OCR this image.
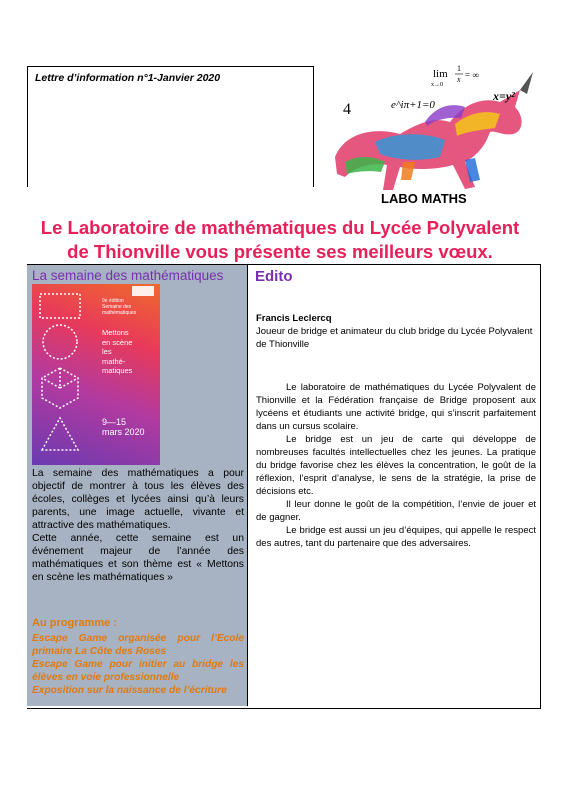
Lettre d’information n°1-Janvier 2020	lim 1
x
x→0
= ∞
e^iπ+1=0
x=y²
4
LABO MATHS
Le Laboratoire de mathématiques du Lycée Polyvalent
de Thionville vous présente ses meilleurs vœux.
La semaine des mathématiques
9e édition
Semaine des
mathématiques
Mettons
en scène
les
mathé-
matiques
9—15
mars 2020

La semaine des mathématiques a pour objectif de montrer à tous les élèves des écoles, collèges et lycées ainsi qu’à leurs parents, une image actuelle, vivante et attractive des mathématiques.

Cette année, cette semaine est un événement majeur de l’année des mathématiques et son thème est « Mettons en scène les mathématiques »

Au programme :
Escape Game organisée pour l’Ecole primaire La Côte des Roses
Escape Game pour initier au bridge les élèves en voie professionnelle
Exposition sur la naissance de l’écriture
Edito
Francis Leclercq
Joueur de bridge et animateur du club bridge du Lycée Polyvalent de Thionville

Le laboratoire de mathématiques du Lycée Polyvalent de Thionville et la Fédération française de Bridge proposent aux lycéens et étudiants une activité bridge, qui s’inscrit parfaitement dans un cursus scolaire.

Le bridge est un jeu de carte qui développe de nombreuses facultés intellectuelles chez les jeunes. La pratique du bridge favorise chez les élèves la concentration, le goût de la réflexion, l’esprit d’analyse, le sens de la stratégie, la prise de décisions etc.

Il leur donne le goût de la compétition, l’envie de jouer et de gagner.

Le bridge est aussi un jeu d’équipes, qui appelle le respect des autres, tant du partenaire que des adversaires.
